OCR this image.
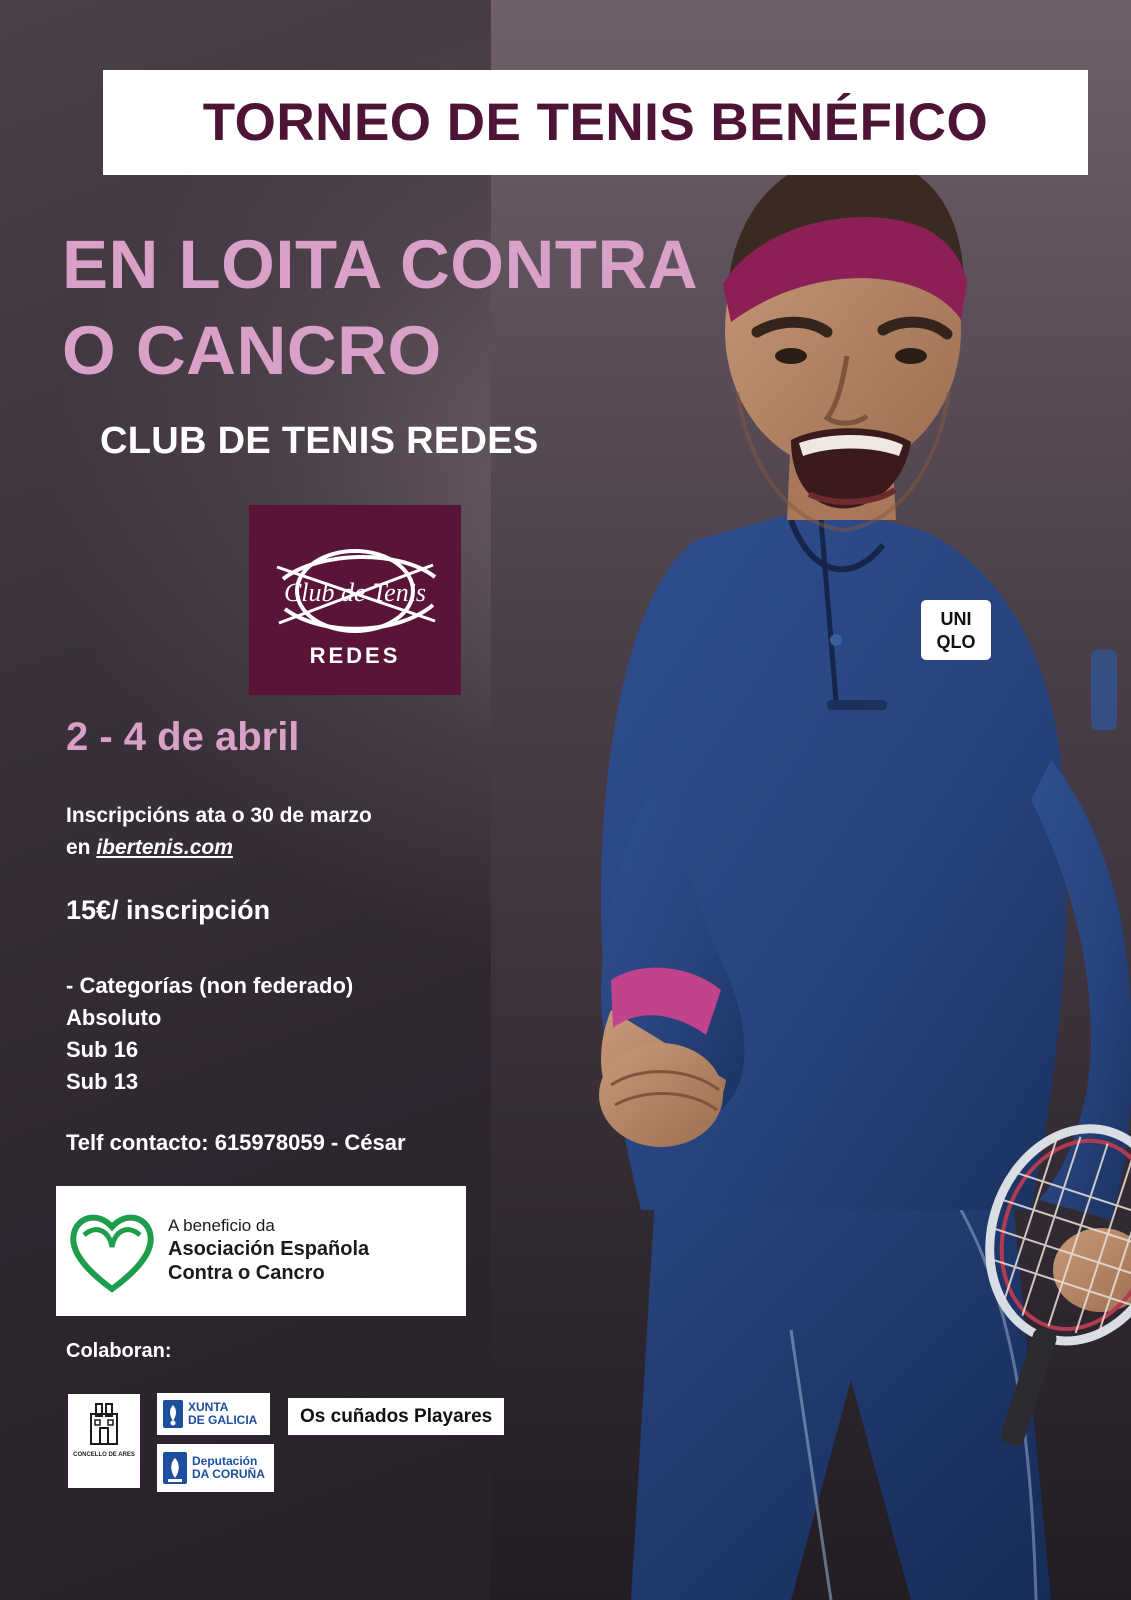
UNI
QLO
TORNEO DE TENIS BENÉFICO
EN LOITA CONTRA
O CANCRO
CLUB DE TENIS REDES
Club de Tenis
REDES
2 - 4 de abril
Inscripcións ata o 30 de marzo
en ibertenis.com
15€/ inscripción
- Categorías (non federado)
Absoluto
Sub 16
Sub 13
Telf contacto: 615978059 - César
A beneficio da
Asociación Española
Contra o Cancro
Colaboran:
CONCELLO DE ARES
XUNTA
DE GALICIA
Deputación
DA CORUÑA
Os cuñados Playares
